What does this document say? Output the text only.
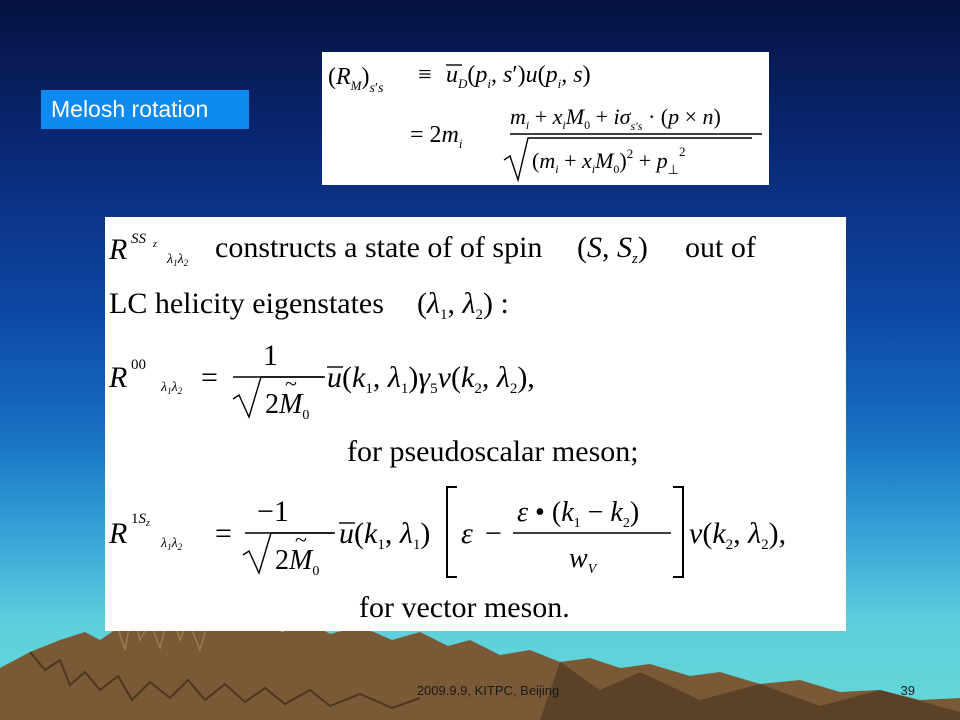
Melosh rotation
$(R_M)_s's$
≡ $u_D(p_i$, $s')u(p_i$, s)
= $2m_i$
$m_i + x_iM_0 + i\sigma_{s's} \cdot (p \times n)$
$(m_i + x_iM_0)^2 + p_\perp^2$
R SS z
$\lambda_1\lambda_2$ constructs a state of of spin (S, $S_z$) out of
LC helicity eigenstates ($\lambda_1$, $\lambda_2$) :
R 00
$\lambda_1\lambda_2$ =
1
$2M_0$
~ $u(k_1$, $\lambda_1)\gamma_5v(k_2$, $\lambda_2$),
for pseudoscalar meson;
R $1S_z$
$\lambda_1\lambda_2$ =
−1
$2M_0$
~ $u(k_1$, $\lambda_1$) ε −
ε • $(k_1 - k_2)$
$w_V$
$v(k_2$, $\lambda_2$),
for vector meson.
2009.9.9, KITPC, Beijing	39
